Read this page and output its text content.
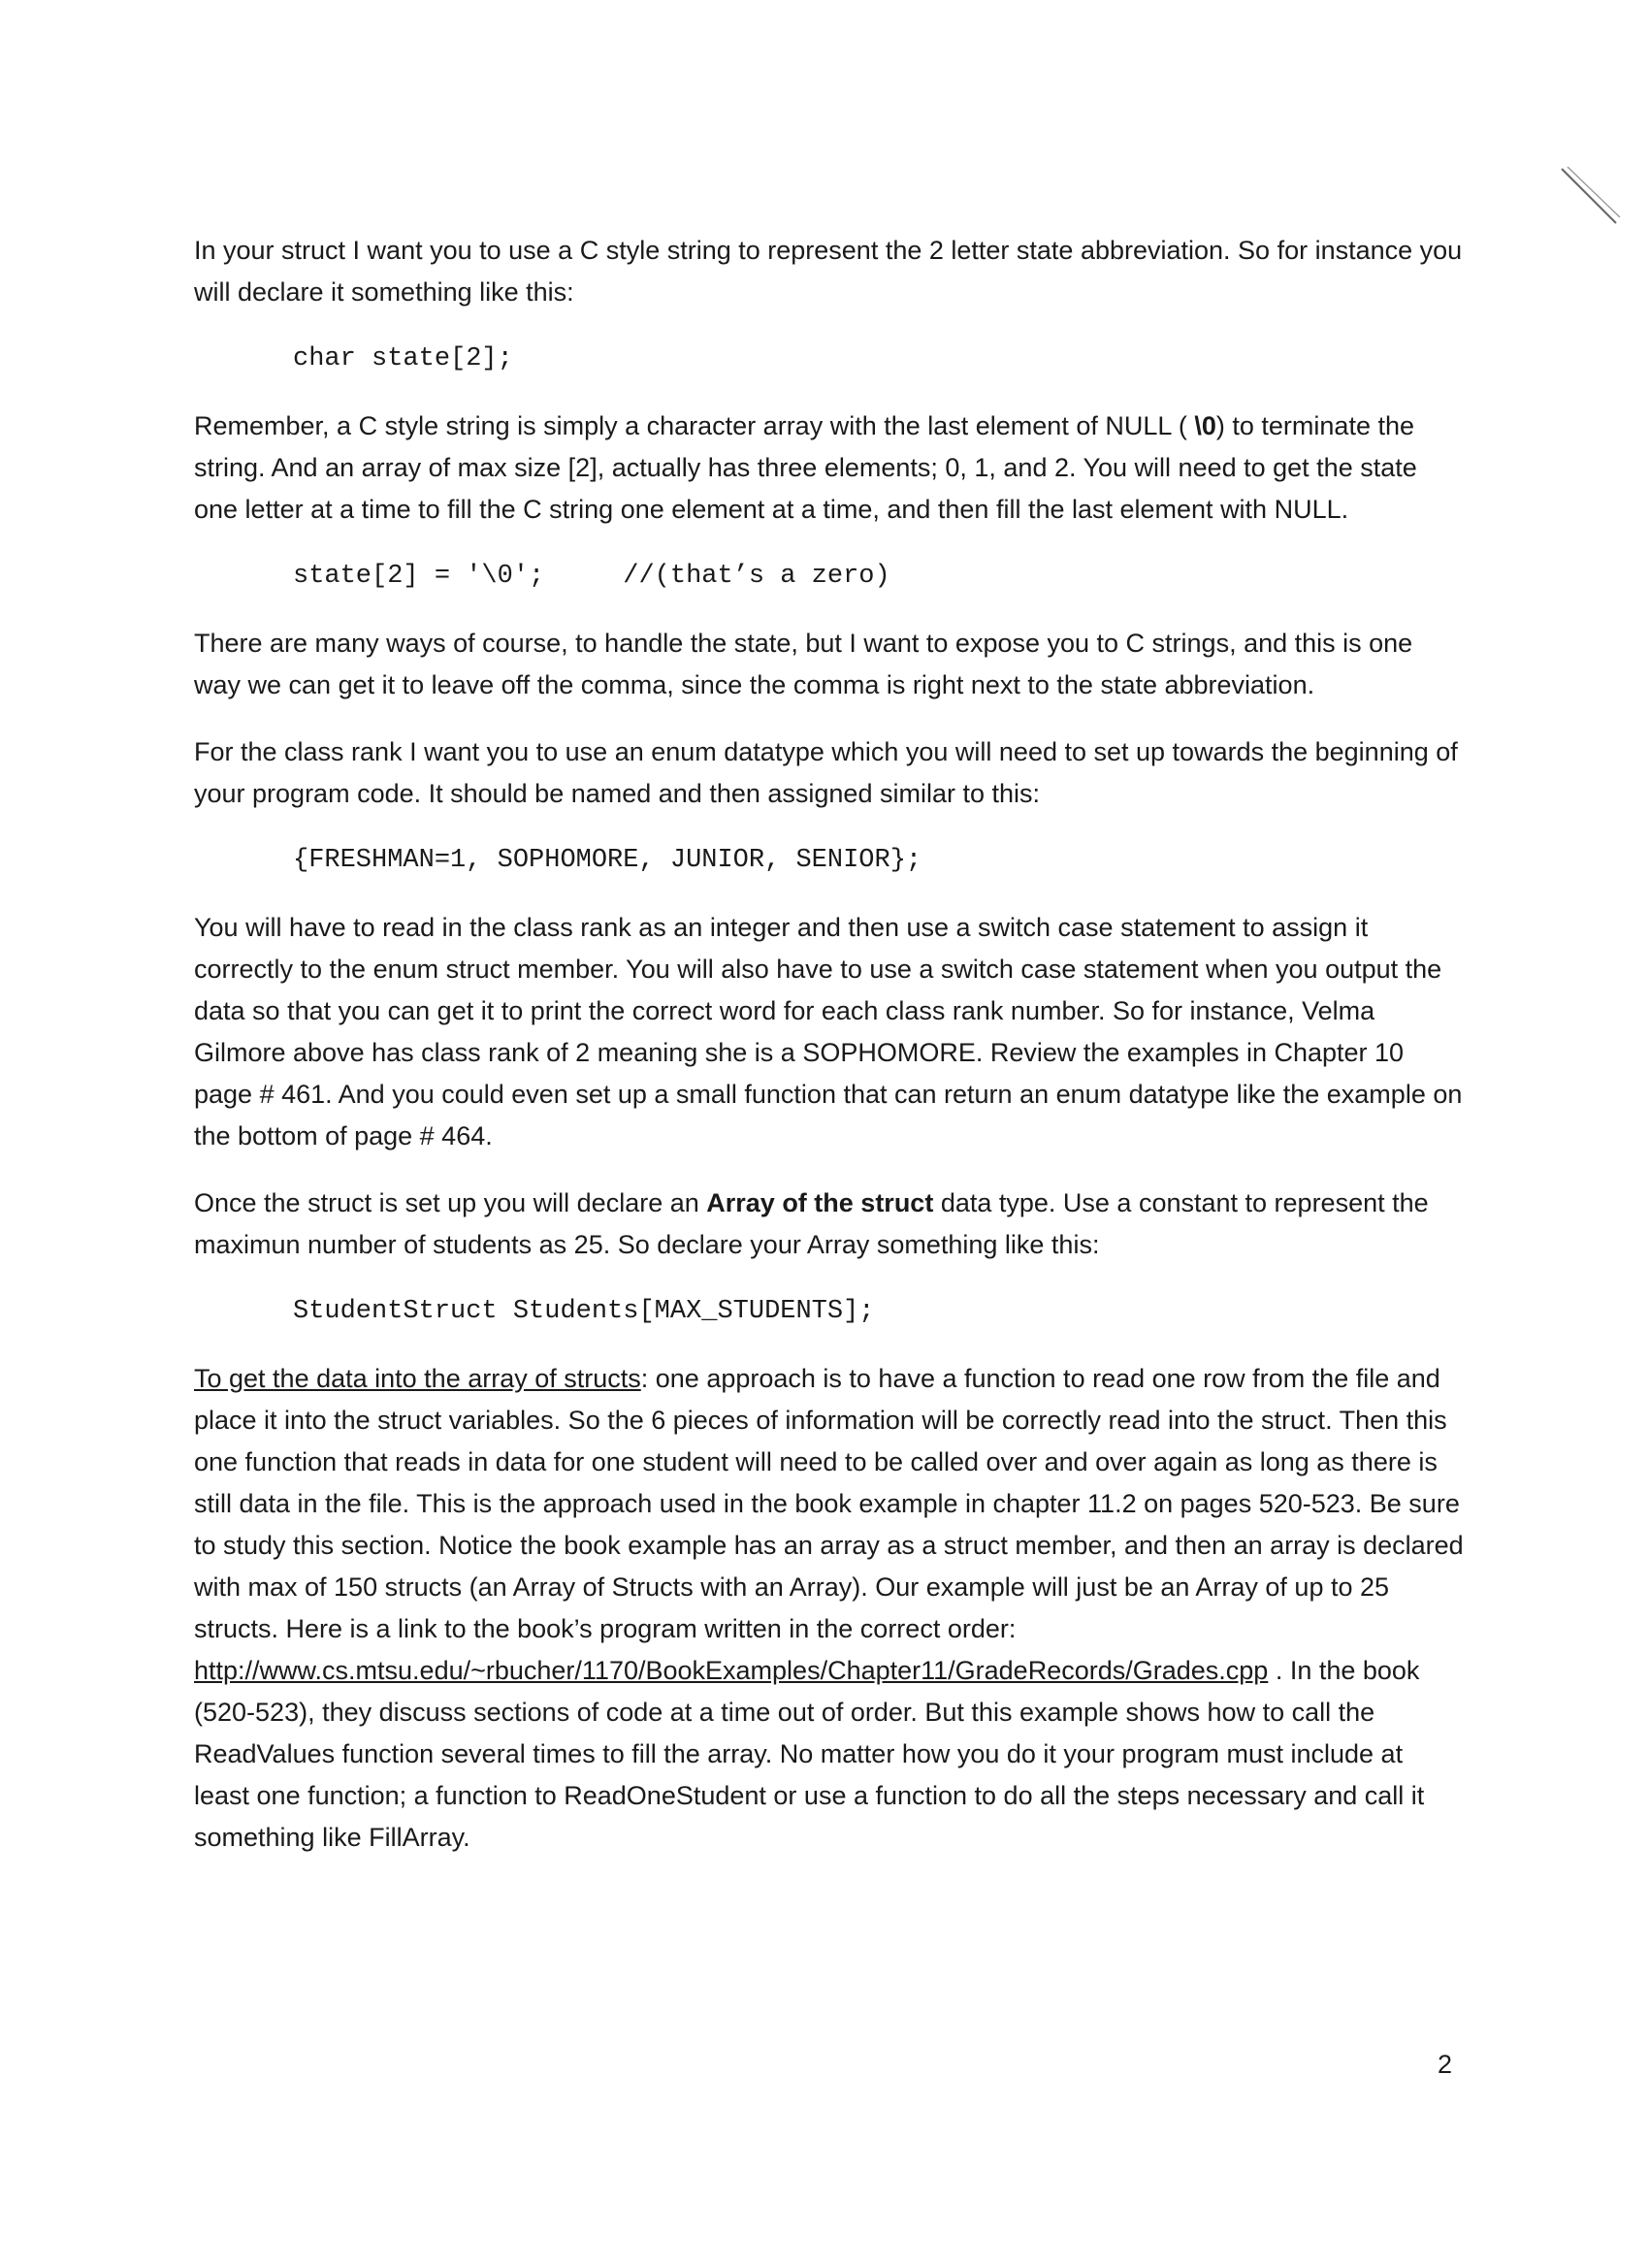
In your struct I want you to use a C style string to represent the 2 letter state abbreviation. So for instance you will declare it something like this:

char state[2];

Remember, a C style string is simply a character array with the last element of NULL ( \0) to terminate the string. And an array of max size [2], actually has three elements; 0, 1, and 2. You will need to get the state one letter at a time to fill the C string one element at a time, and then fill the last element with NULL.

state[2] = '\0';     //(that’s a zero)

There are many ways of course, to handle the state, but I want to expose you to C strings, and this is one way we can get it to leave off the comma, since the comma is right next to the state abbreviation.

For the class rank I want you to use an enum datatype which you will need to set up towards the beginning of your program code. It should be named and then assigned similar to this:

{FRESHMAN=1, SOPHOMORE, JUNIOR, SENIOR};

You will have to read in the class rank as an integer and then use a switch case statement to assign it correctly to the enum struct member. You will also have to use a switch case statement when you output the data so that you can get it to print the correct word for each class rank number. So for instance, Velma Gilmore above has class rank of 2 meaning she is a SOPHOMORE. Review the examples in Chapter 10 page # 461. And you could even set up a small function that can return an enum datatype like the example on the bottom of page # 464.

Once the struct is set up you will declare an Array of the struct data type. Use a constant to represent the maximun number of students as 25. So declare your Array something like this:

StudentStruct Students[MAX_STUDENTS];

To get the data into the array of structs: one approach is to have a function to read one row from the file and place it into the struct variables. So the 6 pieces of information will be correctly read into the struct. Then this one function that reads in data for one student will need to be called over and over again as long as there is still data in the file. This is the approach used in the book example in chapter 11.2 on pages 520-523. Be sure to study this section. Notice the book example has an array as a struct member, and then an array is declared with max of 150 structs (an Array of Structs with an Array). Our example will just be an Array of up to 25 structs. Here is a link to the book’s program written in the correct order: http://www.cs.mtsu.edu/~rbucher/1170/BookExamples/Chapter11/GradeRecords/Grades.cpp . In the book (520-523), they discuss sections of code at a time out of order. But this example shows how to call the ReadValues function several times to fill the array. No matter how you do it your program must include at least one function; a function to ReadOneStudent or use a function to do all the steps necessary and call it something like FillArray.

2
